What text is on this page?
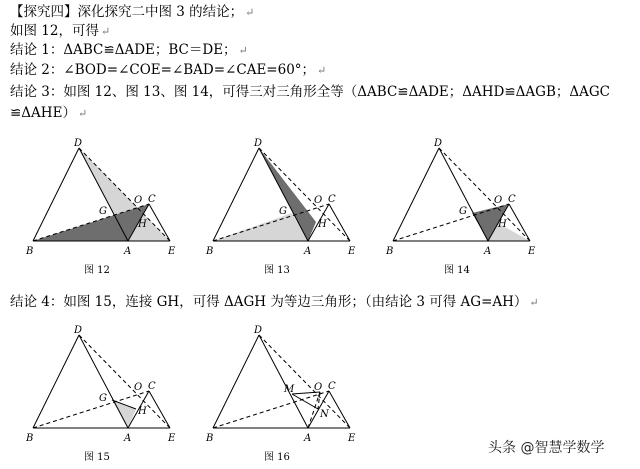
【探究四】深化探究二中图 3 的结论； ↵
如图 12，可得 ↵
结论 1：ΔABC≌ΔADE；BC＝DE； ↵
结论 2：∠BOD=∠COE=∠BAD=∠CAE=60°； ↵
结论 3：如图 12、图 13、图 14，可得三对三角形全等（ΔABC≌ΔADE；ΔAHD≌ΔAGB；ΔAGC
≌ΔAHE） ↵
结论 4：如图 15，连接 GH，可得 ΔAGH 为等边三角形；（由结论 3 可得 AG=AH） ↵
D
B	A	E
O C
G
H
图 12
D
B	A	E
O C
G
H
图 13
D
B	A	E
O C
G
H
图 14
D
B	A	E
O C
G
H
图 15
D
B	A	E
O C
M
N
图 16
头条 @智慧学数学
